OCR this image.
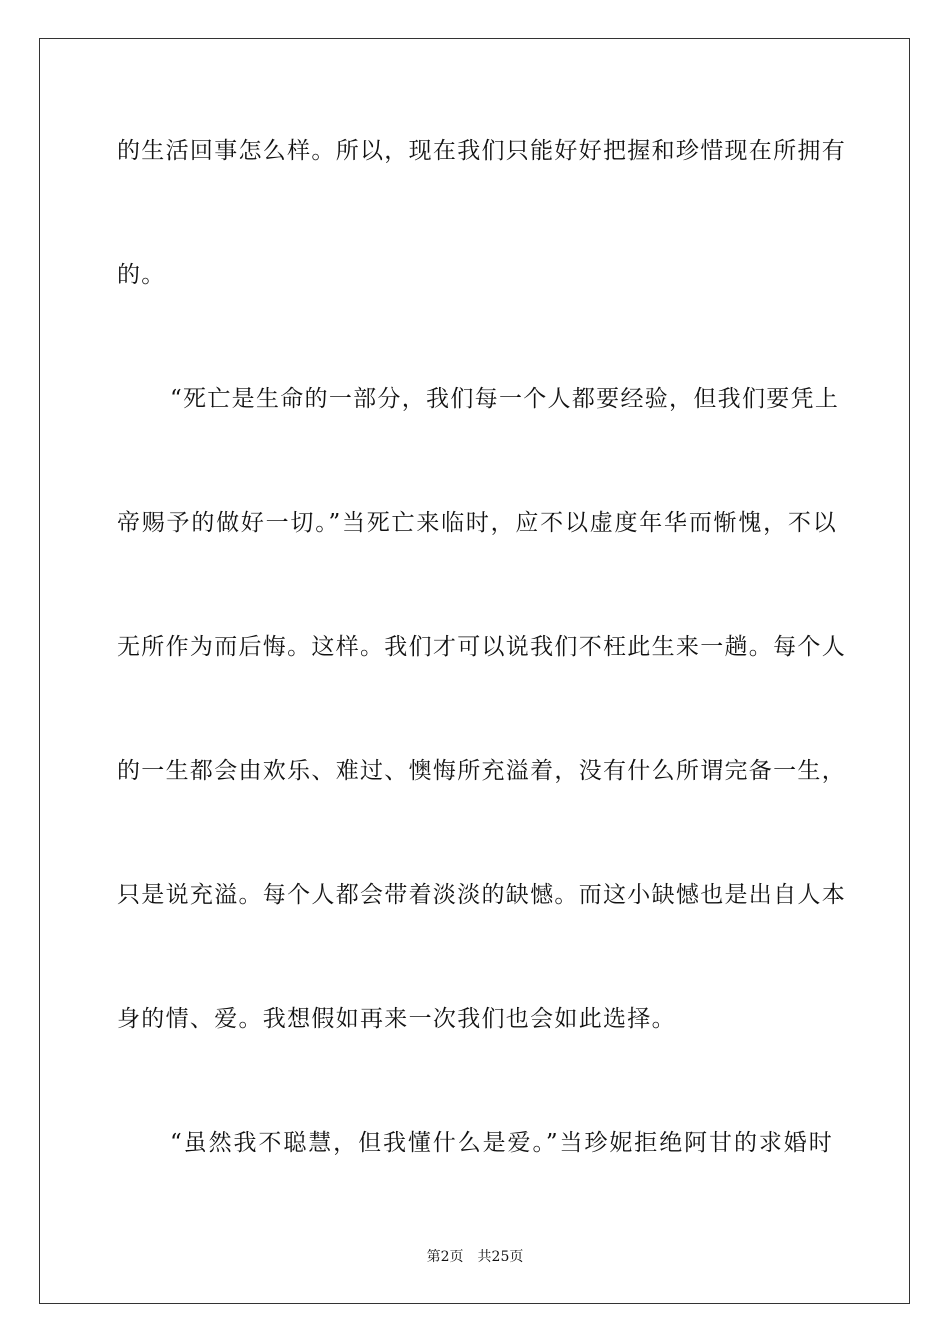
的生活回事怎么样。所以，现在我们只能好好把握和珍惜现在所拥有
的。
“死亡是生命的一部分，我们每一个人都要经验，但我们要凭上
帝赐予的做好一切。”当死亡来临时，应不以虚度年华而惭愧，不以
无所作为而后悔。这样。我们才可以说我们不枉此生来一趟。每个人
的一生都会由欢乐、难过、懊悔所充溢着，没有什么所谓完备一生，
只是说充溢。每个人都会带着淡淡的缺憾。而这小缺憾也是出自人本
身的情、爱。我想假如再来一次我们也会如此选择。
“虽然我不聪慧，但我懂什么是爱。”当珍妮拒绝阿甘的求婚时
第2页 共25页
